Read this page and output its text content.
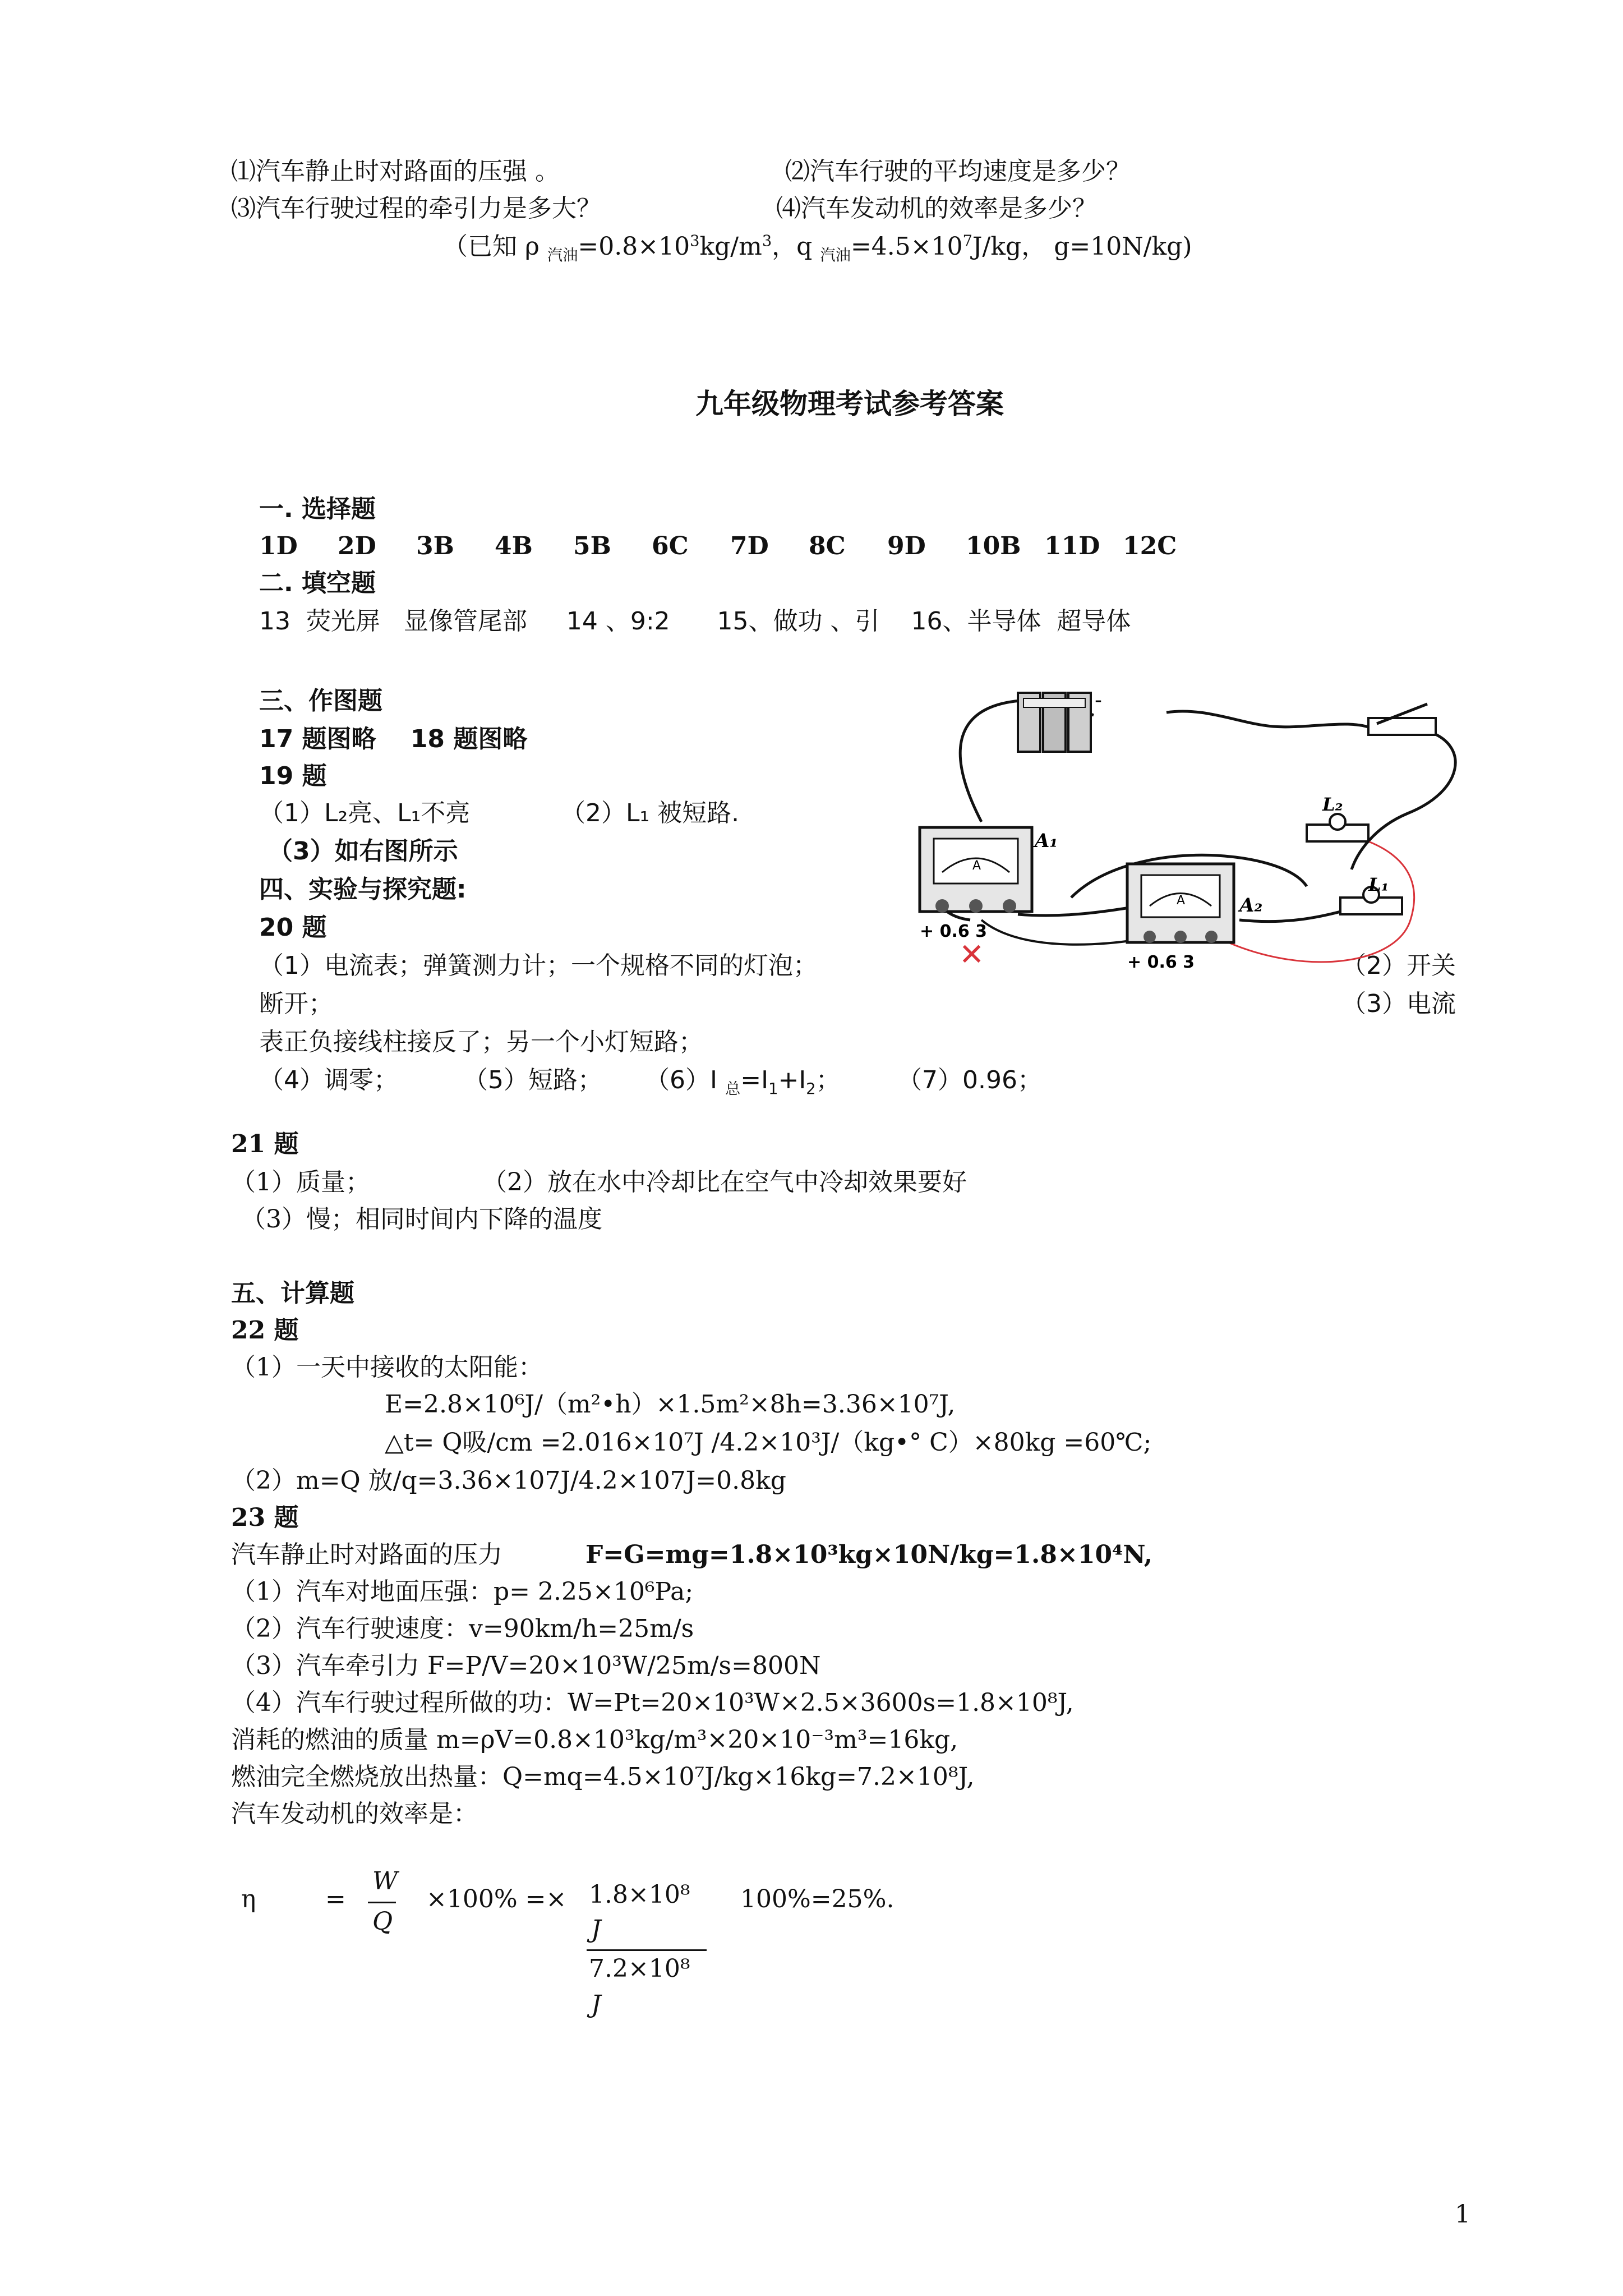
⑴汽车静止时对路面的压强 。	⑵汽车行驶的平均速度是多少？
⑶汽车行驶过程的牵引力是多大？	⑷汽车发动机的效率是多少？
（已知 ρ $_{汽油}=0.8\times 10^3kg/m^3$，q $_{汽油}=4.5\times 10^7J/kg$， g=10N/kg)
九年级物理考试参考答案
一. 选择题
1D 2D 3B 4B 5B 6C 7D 8C 9D 10B 11D 12C
二. 填空题
13  荧光屏   显像管尾部     14 、9:2      15、做功 、引    16、半导体  超导体
三、作图题
17 题图略    18 题图略
19 题
（1）L₂亮、L₁不亮	（2）L₁ 被短路.
（3）如右图所示
四、实验与探究题:
20 题
（1）电流表；弹簧测力计；一个规格不同的灯泡；	（2）开关
断开；	（3）电流
表正负接线柱接反了；另一个小灯短路；
（4）调零；	（5）短路； （6）I $_总=I_1+I_2$； （7）0.96；
21 题
（1）质量；	（2）放在水中冷却比在空气中冷却效果要好
（3）慢；相同时间内下降的温度
五、计算题
22 题
（1）一天中接收的太阳能：
E=2.8×10⁶J/（m²•h）×1.5m²×8h=3.36×10⁷J,
△t= Q吸/cm =2.016×10⁷J /4.2×10³J/（kg•° C）×80kg =60℃;
（2）m=Q 放/q=3.36×107J/4.2×107J=0.8kg
23 题
汽车静止时对路面的压力	F=G=mg=1.8×10³kg×10N/kg=1.8×10⁴N,
（1）汽车对地面压强：p= 2.25×10⁶Pa;
（2）汽车行驶速度：v=90km/h=25m/s
（3）汽车牵引力 F=P/V=20×10³W/25m/s=800N
（4）汽车行驶过程所做的功：W=Pt=20×10³W×2.5×3600s=1.8×10⁸J,
消耗的燃油的质量 m=ρV=0.8×10³kg/m³×20×10⁻³m³=16kg,
燃油完全燃烧放出热量：Q=mq=4.5×10⁷J/kg×16kg=7.2×10⁸J,
汽车发动机的效率是：
η	=
W
Q
×100% =× 1.8×10⁸
J
7.2×10⁸
J
100%=25%.
-
L₂
L₁
A
A₁
+ 0.6 3
A	A₂
+ 0.6 3
✕
1
